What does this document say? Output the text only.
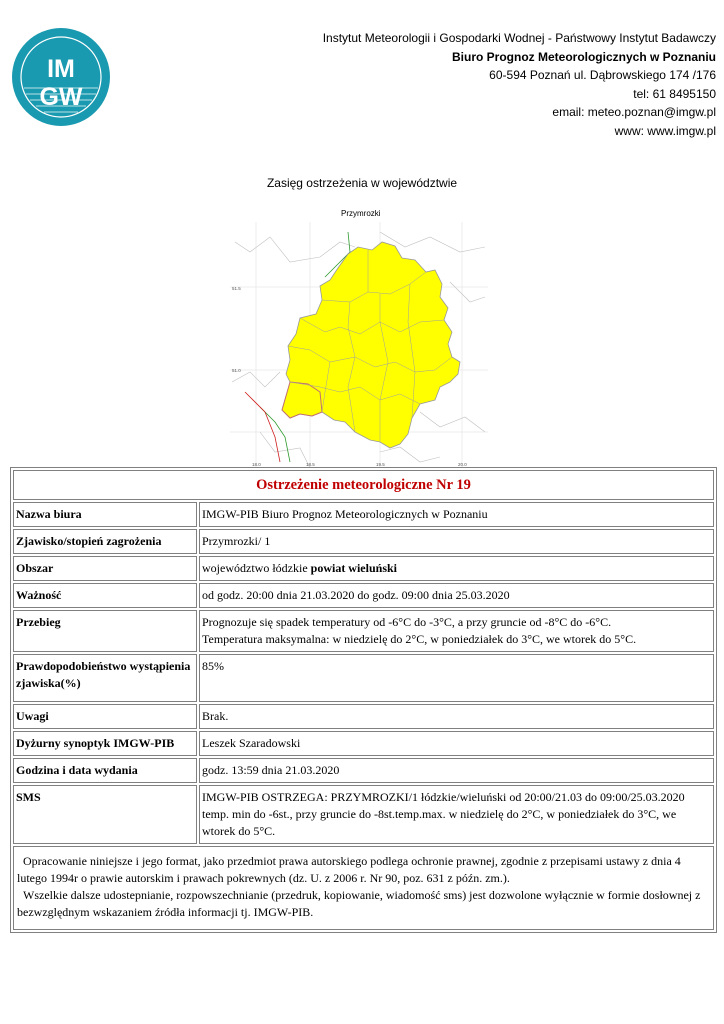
IM
GW
Instytut Meteorologii i Gospodarki Wodnej - Państwowy Instytut Badawczy
Biuro Prognoz Meteorologicznych w Poznaniu
60-594 Poznań ul. Dąbrowskiego 174 /176
tel: 61 8495150
email: meteo.poznan@imgw.pl
www: www.imgw.pl
Zasięg ostrzeżenia w województwie
Przymrozki
51.5
51.0
18.0	18.5	19.5	20.0
Ostrzeżenie meteorologiczne Nr 19	
Nazwa biura	IMGW-PIB Biuro Prognoz Meteorologicznych w Poznaniu
Zjawisko/stopień zagrożenia	Przymrozki/ 1
Obszar	województwo łódzkie powiat wieluński
Ważność	od godz. 20:00 dnia 21.03.2020 do godz. 09:00 dnia 25.03.2020
Przebieg	Prognozuje się spadek temperatury od -6°C do -3°C, a przy gruncie od -8°C do -6°C.
Temperatura maksymalna: w niedzielę do 2°C, w poniedziałek do 3°C, we wtorek do 5°C.

Prawdopodobieństwo wystąpienia zjawiska(%)	85%
Uwagi	Brak.
Dyżurny synoptyk IMGW-PIB	Leszek Szaradowski
Godzina i data wydania	godz. 13:59 dnia 21.03.2020
SMS	IMGW-PIB OSTRZEGA: PRZYMROZKI/1 łódzkie/wieluński od 20:00/21.03 do 09:00/25.03.2020 temp. min do -6st., przy gruncie do -8st.temp.max. w niedzielę do 2°C, w poniedziałek do 3°C, we wtorek do 5°C.

Opracowanie niniejsze i jego format, jako przedmiot prawa autorskiego podlega ochronie prawnej, zgodnie z przepisami ustawy z dnia 4 lutego 1994r o prawie autorskim i prawach pokrewnych (dz. U. z 2006 r. Nr 90, poz. 631 z późn. zm.).
Wszelkie dalsze udostepnianie, rozpowszechnianie (przedruk, kopiowanie, wiadomość sms) jest dozwolone wyłącznie w formie dosłownej z bezwzględnym wskazaniem źródła informacji tj. IMGW-PIB.	
